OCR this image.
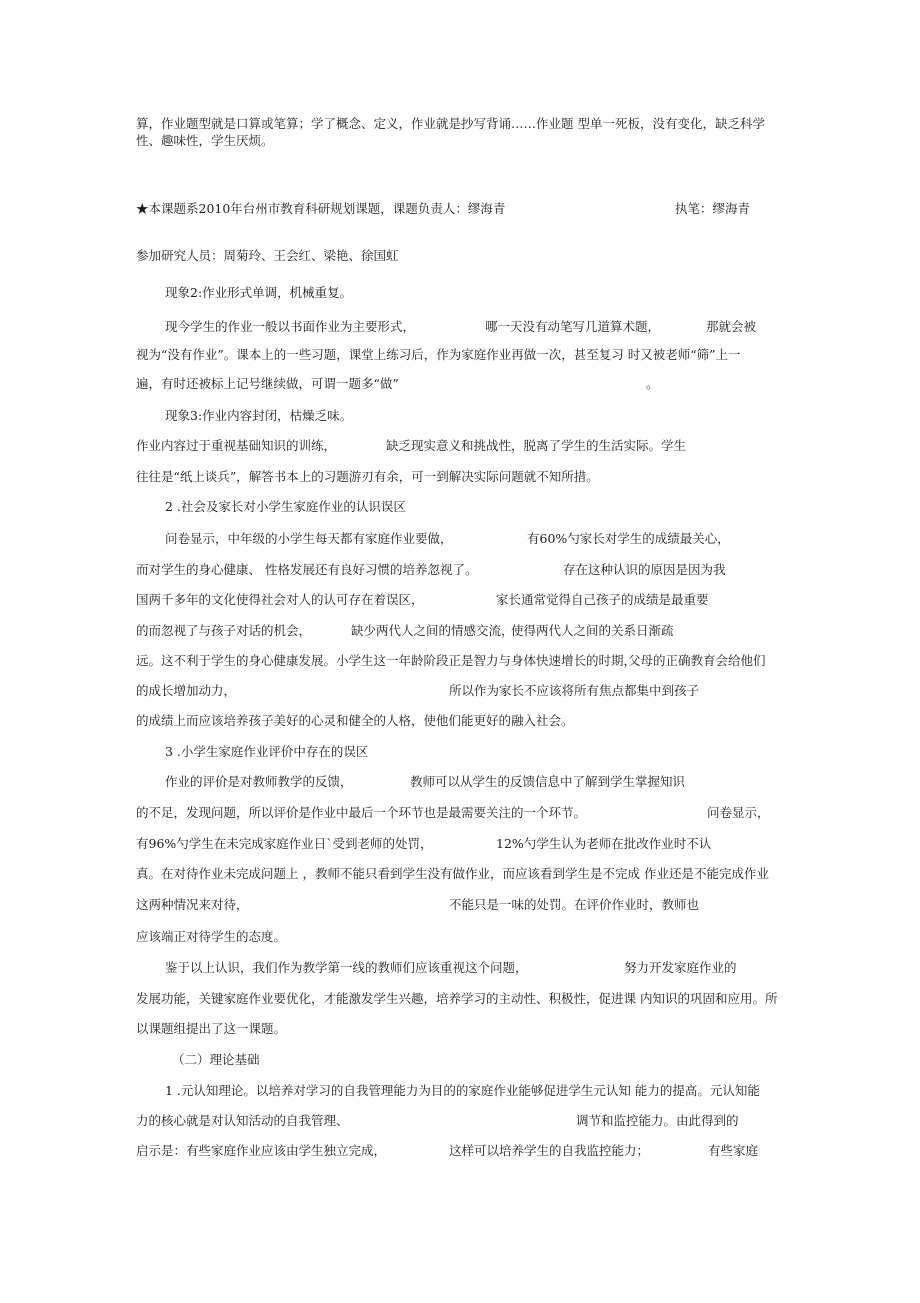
算，作业题型就是口算或笔算；学了概念、定义，作业就是抄写背诵……作业题 型单一死板，没有变化，缺乏科学
性、趣味性，学生厌烦。
★本课题系2010年台州市教育科研规划课题，课题负责人：缪海青	执笔：缪海青
参加研究人员：周菊玲、王会红、梁艳、徐国虹
现象2:作业形式单调，机械重复。
现今学生的作业一般以书面作业为主要形式，	哪一天没有动笔写几道算术题，	那就会被
视为“没有作业”。课本上的一些习题，课堂上练习后，作为家庭作业再做一次，甚至复习 时又被老师“筛”上一
遍，有时还被标上记号继续做，可谓一题多“做”	。
现象3:作业内容封闭，枯燥乏味。
作业内容过于重视基础知识的训练，	缺乏现实意义和挑战性，脱离了学生的生活实际。学生
往往是“纸上谈兵”，解答书本上的习题游刃有余，可一到解决实际问题就不知所措。
2 .社会及家长对小学生家庭作业的认识误区
问卷显示，中年级的小学生每天都有家庭作业要做，	有60%勺家长对学生的成绩最关心，
而对学生的身心健康、 性格发展还有良好习惯的培养忽视了。	存在这种认识的原因是因为我
国两千多年的文化使得社会对人的认可存在着误区，	家长通常觉得自己孩子的成绩是最重要
的而忽视了与孩子对话的机会，	缺少两代人之间的情感交流，
使得两代人之间的关系日渐疏
远。这不利于学生的身心健康发展。小学生这一年龄阶段正是智力与身体快速增长的时期，
父母的正确教育会给他们
的成长增加动力，	所以作为家长不应该将所有焦点都集中到孩子
的成绩上而应该培养孩子美好的心灵和健全的人格，使他们能更好的融入社会。
3 .小学生家庭作业评价中存在的误区
作业的评价是对教师教学的反馈，	教师可以从学生的反馈信息中了解到学生掌握知识
的不足，发现问题，所以评价是作业中最后一个环节也是最需要关注的一个环节。	问卷显示，
有96%勺学生在未完成家庭作业日`受到老师的处罚，	12%勺学生认为老师在批改作业时不认
真。在对待作业未完成问题上 ，教师不能只看到学生没有做作业，而应该看到学生是不完成 作业还是不能完成作业
这两种情况来对待，	不能只是一味的处罚。在评价作业时，教师也
应该端正对待学生的态度。
鉴于以上认识，我们作为教学第一线的教师们应该重视这个问题，	努力开发家庭作业的
发展功能，关键家庭作业要优化，才能激发学生兴趣，培养学习的主动性、积极性，促进课 内知识的巩固和应用。所
以课题组提出了这一课题。
（二）理论基础
1 .元认知理论。以培养对学习的自我管理能力为目的的家庭作业能够促进学生元认知 能力的提高。元认知能
力的核心就是对认知活动的自我管理、	调节和监控能力。由此得到的
启示是：有些家庭作业应该由学生独立完成，	这样可以培养学生的自我监控能力；	有些家庭
